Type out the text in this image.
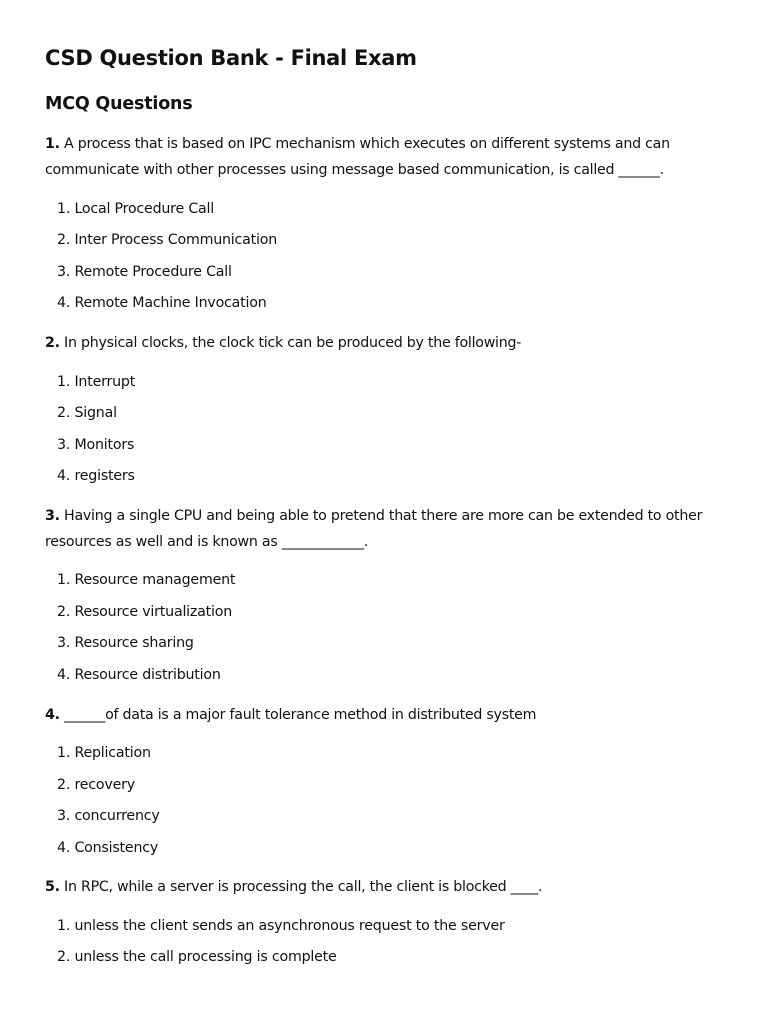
CSD Question Bank - Final Exam
MCQ Questions
1. A process that is based on IPC mechanism which executes on different systems and can communicate with other processes using message based communication, is called ______.
1. Local Procedure Call
2. Inter Process Communication
3. Remote Procedure Call
4. Remote Machine Invocation
2. In physical clocks, the clock tick can be produced by the following-
1. Interrupt
2. Signal
3. Monitors
4. registers
3. Having a single CPU and being able to pretend that there are more can be extended to other resources as well and is known as ____________.
1. Resource management
2. Resource virtualization
3. Resource sharing
4. Resource distribution
4. ______of data is a major fault tolerance method in distributed system
1. Replication
2. recovery
3. concurrency
4. Consistency
5. In RPC, while a server is processing the call, the client is blocked ____.
1. unless the client sends an asynchronous request to the server
2. unless the call processing is complete
